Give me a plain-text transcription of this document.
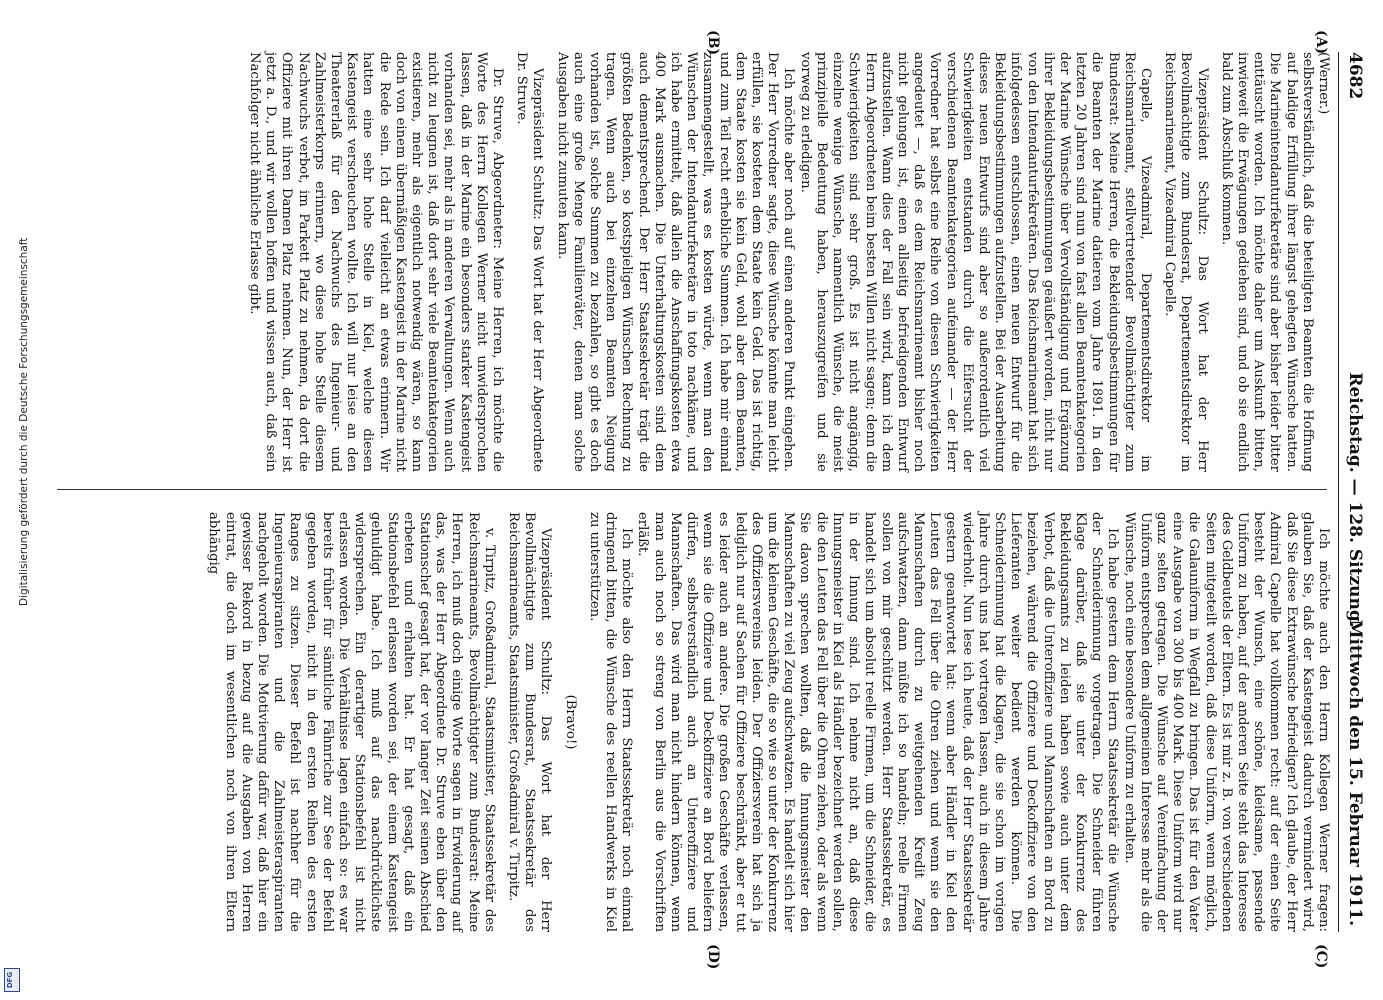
4682
Reichstag. — 128. Sitzung.
Mittwoch den 15. Februar 1911.
(A)
(B)
(C)
(D)

(Werner.)

selbstverständlich, daß die beteiligten Beamten die Hoffnung auf baldige Erfüllung ihrer längst gehegten Wünsche hatten. Die Marineintendanturfekretäre sind aber bisher leider bitter enttäuscht worden. Ich möchte daher um Auskunft bitten, inwieweit die Erwägungen gediehen sind, und ob sie endlich bald zum Abschluß kommen.

Vizepräsident Schultz: Das Wort hat der Herr Bevollmächtigte zum Bundesrat, Departementsdirektor im Reichsmarineamt, Vizeadmiral Capelle.

Capelle, Vizeadmiral, Departementsdirektor im Reichsmarineamt, stellvertretender Bevollmächtigter zum Bundesrat: Meine Herren, die Bekleidungsbestimmungen für die Beamten der Marine datieren vom Jahre 1891. In den letzten 20 Jahren sind nun von fast allen Beamtenkategorien der Marine Wünsche über Vervollständigung und Ergänzung ihrer Bekleidungsbestimmungen geäußert worden, nicht nur von den Intendanturfekretären. Das Reichsmarineamt hat sich infolgedessen entschlossen, einen neuen Entwurf für die Bekleidungsbestimmungen aufzustellen. Bei der Ausarbeitung dieses neuen Entwurfs sind aber so außerordentlich viel Schwierigkeiten entstanden durch die Eifersucht der verschiedenen Beamtenkategorien aufeinander — der Herr Vorredner hat selbst eine Reihe von diesen Schwierigkeiten angedeutet —, daß es dem Reichsmarineamt bisher noch nicht gelungen ist, einen allseitig befriedigenden Entwurf aufzustellen. Wann dies der Fall sein wird, kann ich dem Herrn Abgeordneten beim besten Willen nicht sagen; denn die Schwierigkeiten sind sehr groß. Es ist nicht angängig, einzelne wenige Wünsche, namentlich Wünsche, die meist prinzipielle Bedeutung haben, herauszugreifen und sie vorweg zu erledigen.

Ich möchte aber noch auf einen anderen Punkt eingehen. Der Herr Vorredner sagte, diese Wünsche könnte man leicht erfüllen, sie kosteten dem Staate kein Geld. Das ist richtig, dem Staate kosten sie kein Geld, wohl aber dem Beamten, und zum Teil recht erhebliche Summen. Ich habe mir einmal zusammengestellt, was es kosten würde, wenn man den Wünschen der Intendanturfekretäre in toto nachkäme, und ich habe ermittelt, daß allein die Anschaffungskosten etwa 400 Mark ausmachen. Die Unterhaltungskosten sind dem auch dementsprechend. Der Herr Staatssekretär trägt die größten Bedenken, so kostspieligen Wünschen Rechnung zu tragen. Wenn auch bei einzelnen Beamten Neigung vorhanden ist, solche Summen zu bezahlen, so gibt es doch auch eine große Menge Familienväter, denen man solche Ausgaben nicht zumuten kann.

Vizepräsident Schultz: Das Wort hat der Herr Abgeordnete Dr. Struve.

Dr. Struve, Abgeordneter: Meine Herren, ich möchte die Worte des Herrn Kollegen Werner nicht unwidersprochen lassen, daß in der Marine ein besonders starker Kastengeist vorhanden sei, mehr als in anderen Verwaltungen. Wenn auch nicht zu leugnen ist, daß dort sehr viele Beamtenkategorien existieren, mehr als eigentlich notwendig wären, so kann doch von einem übermäßigen Kastengeist in der Marine nicht die Rede sein. Ich darf vielleicht an etwas erinnern. Wir hatten eine sehr hohe Stelle in Kiel, welche diesen Kastengeist verscheuchen wollte. Ich will nur leise an den Theatererlaß für den Nachwuchs des Ingenieur- und Zahlmeisterkorps erinnern, wo diese hohe Stelle diesem Nachwuchs verbot, im Parkett Platz zu nehmen, da dort die Offiziere mit ihren Damen Platz nehmen. Nun, der Herr ist jetzt a. D., und wir wollen hoffen und wissen auch, daß sein Nachfolger nicht ähnliche Erlasse gibt.

Ich möchte auch den Herrn Kollegen Werner fragen: glauben Sie, daß der Kastengeist dadurch vermindert wird, daß Sie diese Extrawünsche befriedigen? Ich glaube, der Herr Admiral Capelle hat vollkommen recht: auf der einen Seite besteht der Wunsch, eine schöne, kleidsame, passende Uniform zu haben, auf der anderen Seite steht das Interesse des Geldbeutels der Eltern. Es ist mir z. B. von verschiedenen Seiten mitgeteilt worden, daß diese Uniform, wenn möglich, die Galauniform in Wegfall zu bringen. Das ist für den Vater eine Ausgabe von 300 bis 400 Mark. Diese Uniform wird nur ganz selten getragen. Die Wünsche auf Vereinfachung der Uniform entsprechen dem allgemeinen Interesse mehr als die Wünsche, noch eine besondere Uniform zu erhalten.

Ich habe gestern dem Herrn Staatssekretär die Wünsche der Schneiderinnung vorgetragen. Die Schneider führen Klage darüber, daß sie unter der Konkurrenz des Bekleidungsamts zu leiden haben sowie auch unter dem Verbot, daß die Unteroffiziere und Mannschaften an Bord zu beziehen, während die Offiziere und Deckoffiziere von den Lieferanten weiter bedient werden können. Die Schneiderinnung hat die Klagen, die sie schon im vorigen Jahre durch uns hat vortragen lassen, auch in diesem Jahre wiederholt. Nun lese ich heute, daß der Herr Staatssekretär gestern geantwortet hat: wenn aber Händler in Kiel den Leuten das Fell über die Ohren ziehen und wenn sie den Mannschaften durch zu weitgehenden Kredit Zeug aufschwatzen, dann müßte ich so handeln; reelle Firmen sollen von mir geschützt werden. Herr Staatssekretär, es handelt sich um absolut reelle Firmen, um die Schneider, die in der Innung sind. Ich nehme nicht an, daß diese Innungsmeister in Kiel als Händler bezeichnet werden sollen, die den Leuten das Fell über die Ohren ziehen, oder als wenn Sie davon sprechen wollten, daß die Innungsmeister den Mannschaften zu viel Zeug aufschwatzen. Es handelt sich hier um die kleinen Geschäfte, die so wie so unter der Konkurrenz des Offiziersvereins leiden. Der Offiziersverein hat sich ja lediglich nur auf Sachen für Offiziere beschränkt, aber er tut es leider auch an andere. Die großen Geschäfte verlassen, wenn sie die Offiziere und Deckoffiziere an Bord beliefern dürfen, selbstverständlich auch an Unteroffiziere und Mannschaften. Das wird man nicht hindern können, wenn man auch noch so streng von Berlin aus die Vorschriften erläßt.

Ich möchte also den Herrn Staatssekretär noch einmal dringend bitten, die Wünsche des reellen Handwerks in Kiel zu unterstützen.

(Bravo!)

Vizepräsident Schultz: Das Wort hat der Herr Bevollmächtigte zum Bundesrat, Staatssekretär des Reichsmarineamts, Staatsminister, Großadmiral v. Tirpitz.

v. Tirpitz, Großadmiral, Staatsminister, Staatssekretär des Reichsmarineamts, Bevollmächtigter zum Bundesrat: Meine Herren, ich muß doch einige Worte sagen in Erwiderung auf das, was der Herr Abgeordnete Dr. Struve eben über den Stationschef gesagt hat, der vor langer Zeit seinen Abschied erbeten und erhalten hat. Er hat gesagt, daß ein Stationsbefehl erlassen worden sei, der einem Kastengeist gehuldigt habe. Ich muß auf das nachdrücklichste widersprechen. Ein derartiger Stationsbefehl ist nicht erlassen worden. Die Verhältnisse lagen einfach so: es war bereits früher für sämtliche Fähnriche zur See der Befehl gegeben worden, nicht in den ersten Reihen des ersten Ranges zu sitzen. Dieser Befehl ist nachher für die Ingenieuraspiranten und die Zahlmeisteraspiranten nachgeholt worden. Die Motivierung dafür war, daß hier ein gewisser Rekord in bezug auf die Ausgaben von Herren eintrat, die doch im wesentlichen noch von ihren Eltern abhängig

Digitalisierung gefördert durch die Deutsche Forschungsgemeinschaft
DFG
